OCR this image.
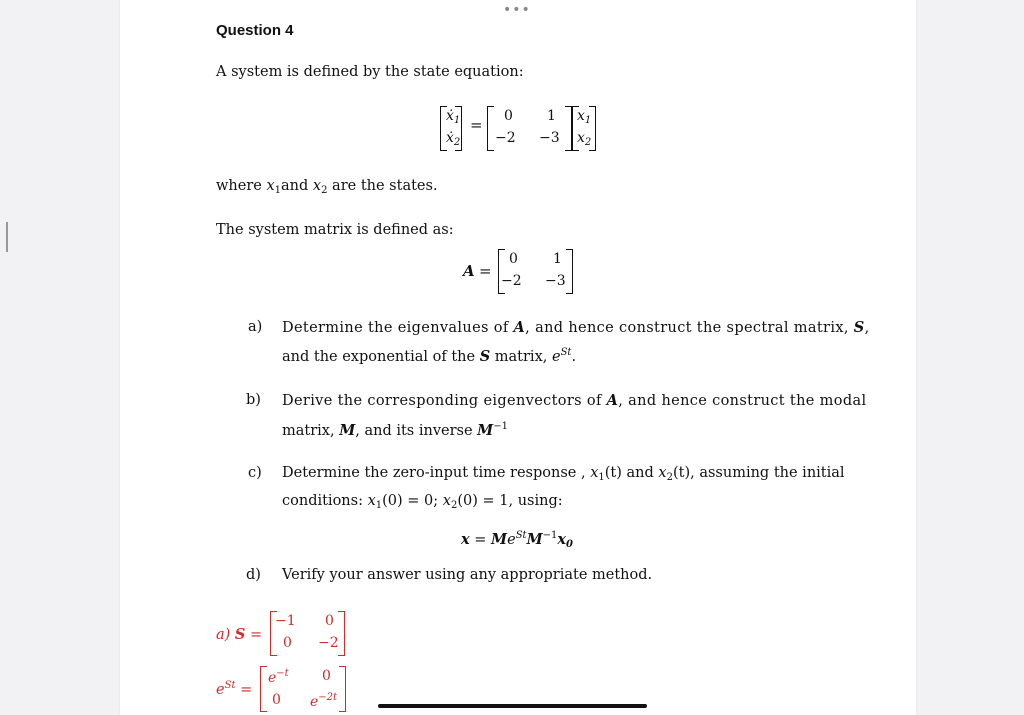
•••
Question 4
A system is defined by the state equation:
ẋ$_1$
ẋ$_2$
= 0 1
−2 −3
$x_1$
$x_2$
where $x_1and$ $x_2$ are the states.
The system matrix is defined as:
A =
0	1
−2 −3
a) Determine the eigenvalues of A, and hence construct the spectral matrix, S,
and the exponential of the S matrix, $e^{St}$.
b) Derive the corresponding eigenvectors of A, and hence construct the modal
matrix, M, and its inverse $M^{-1}$
c) Determine the zero-input time response , $x_1(t)$ and $x_2(t)$, assuming the initial
conditions: $x_1(0) = 0$; $x_2(0) = 1$, using:
$x = Me^{St}M^{-1}x_0$
d) Verify your answer using any appropriate method.
a) S =
−1 0
0 −2
$e^{St}$ =
$e^{-t}$ 0
0 $e^{-2t}$
